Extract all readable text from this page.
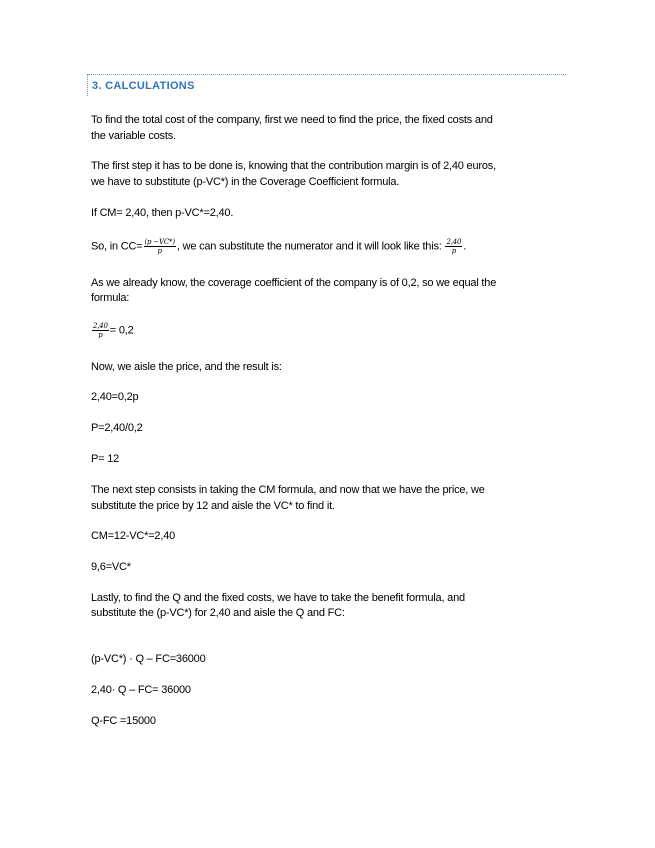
3. CALCULATIONS
To find the total cost of the company, first we need to find the price, the fixed costs and
the variable costs.
The first step it has to be done is, knowing that the contribution margin is of 2,40 euros,
we have to substitute (p-VC*) in the Coverage Coefficient formula.
If CM= 2,40, then p-VC*=2,40.
So, in $CC= \frac{(p -VC*)}{p}$ , we can substitute the numerator and it will look like this: $\frac{2,40}{p}$ .
As we already know, the coverage coefficient of the company is of 0,2, so we equal the
formula:
$\frac{2,40}{p} = 0,2$
Now, we aisle the price, and the result is:
2,40=0,2p
P=2,40/0,2
P= 12
The next step consists in taking the CM formula, and now that we have the price, we
substitute the price by 12 and aisle the VC* to find it.
CM=12-VC*=2,40
9,6=VC*
Lastly, to find the Q and the fixed costs, we have to take the benefit formula, and
substitute the (p-VC*) for 2,40 and aisle the Q and FC:
(p-VC*) · Q – FC=36000
2,40· Q – FC= 36000
Q-FC =15000
